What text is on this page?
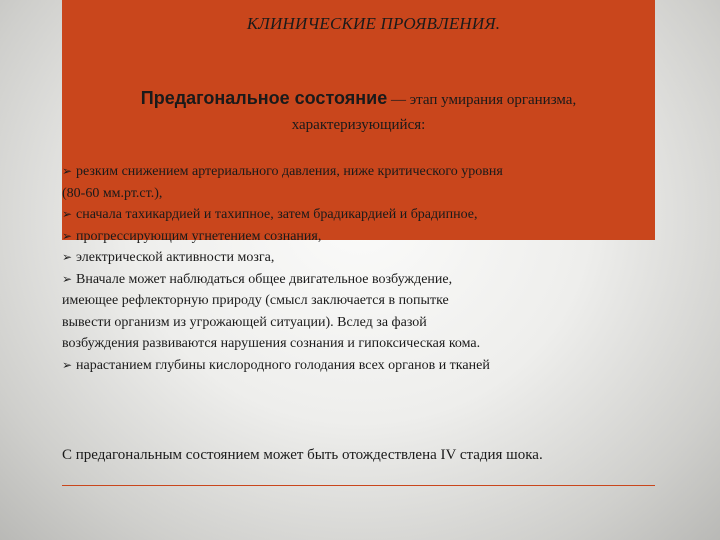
КЛИНИЧЕСКИЕ ПРОЯВЛЕНИЯ.
Предагональное состояние — этап умирания организма,
характеризующийся:
➢ резким снижением артериального давления, ниже критического уровня
(80-60 мм.рт.ст.),
➢ сначала тахикардией и тахипное, затем брадикардией и брадипное,
➢ прогрессирующим угнетением сознания,
➢ электрической активности мозга,
➢ Вначале может наблюдаться общее двигательное возбуждение,
имеющее рефлекторную природу (смысл заключается в попытке
вывести организм из угрожающей ситуации). Вслед за фазой
возбуждения развиваются нарушения сознания и гипоксическая кома.
➢ нарастанием глубины кислородного голодания всех органов и тканей
С предагональным состоянием может быть отождествлена IV стадия шока.
